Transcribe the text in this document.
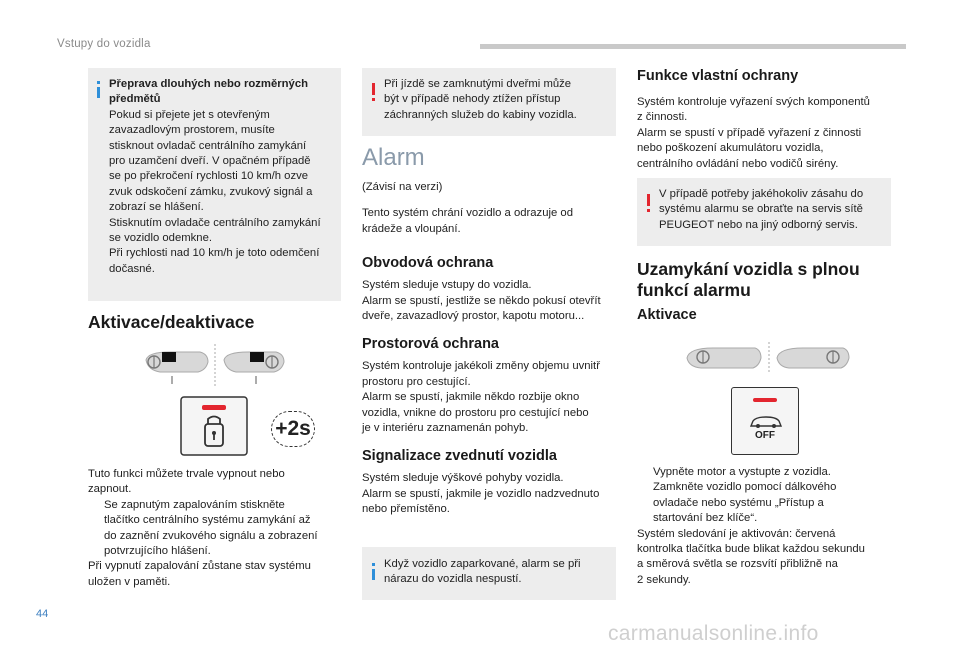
Vstupy do vozidla

Přeprava dlouhých nebo rozměrných

předmětů

Pokud si přejete jet s otevřeným

zavazadlovým prostorem, musíte

stisknout ovladač centrálního zamykání

pro uzamčení dveří. V opačném případě

se po překročení rychlosti 10 km/h ozve

zvuk odskočení zámku, zvukový signál a

zobrazí se hlášení.

Stisknutím ovladače centrálního zamykání

se vozidlo odemkne.

Při rychlosti nad 10 km/h je toto odemčení

dočasné.

Aktivace/deaktivace
+2s

Tuto funkci můžete trvale vypnout nebo

zapnout.

Se zapnutým zapalováním stiskněte

tlačítko centrálního systému zamykání až

do zaznění zvukového signálu a zobrazení

potvrzujícího hlášení.

Při vypnutí zapalování zůstane stav systému

uložen v paměti.

Při jízdě se zamknutými dveřmi může

být v případě nehody ztížen přístup

záchranných služeb do kabiny vozidla.

Alarm

(Závisí na verzi)

Tento systém chrání vozidlo a odrazuje od

krádeže a vloupání.

Obvodová ochrana

Systém sleduje vstupy do vozidla.

Alarm se spustí, jestliže se někdo pokusí otevřít

dveře, zavazadlový prostor, kapotu motoru...

Prostorová ochrana

Systém kontroluje jakékoli změny objemu uvnitř

prostoru pro cestující.

Alarm se spustí, jakmile někdo rozbije okno

vozidla, vnikne do prostoru pro cestující nebo

je v interiéru zaznamenán pohyb.

Signalizace zvednutí vozidla

Systém sleduje výškové pohyby vozidla.

Alarm se spustí, jakmile je vozidlo nadzvednuto

nebo přemístěno.

Když vozidlo zaparkované, alarm se při

nárazu do vozidla nespustí.

Funkce vlastní ochrany

Systém kontroluje vyřazení svých komponentů

z činnosti.

Alarm se spustí v případě vyřazení z činnosti

nebo poškození akumulátoru vozidla,

centrálního ovládání nebo vodičů sirény.

V případě potřeby jakéhokoliv zásahu do

systému alarmu se obraťte na servis sítě

PEUGEOT nebo na jiný odborný servis.

Uzamykání vozidla s plnou
funkcí alarmu
Aktivace
OFF

Vypněte motor a vystupte z vozidla.

Zamkněte vozidlo pomocí dálkového

ovladače nebo systému „Přístup a

startování bez klíče“.

Systém sledování je aktivován: červená

kontrolka tlačítka bude blikat každou sekundu

a směrová světla se rozsvítí přibližně na

2 sekundy.

44
carmanualsonline.info
